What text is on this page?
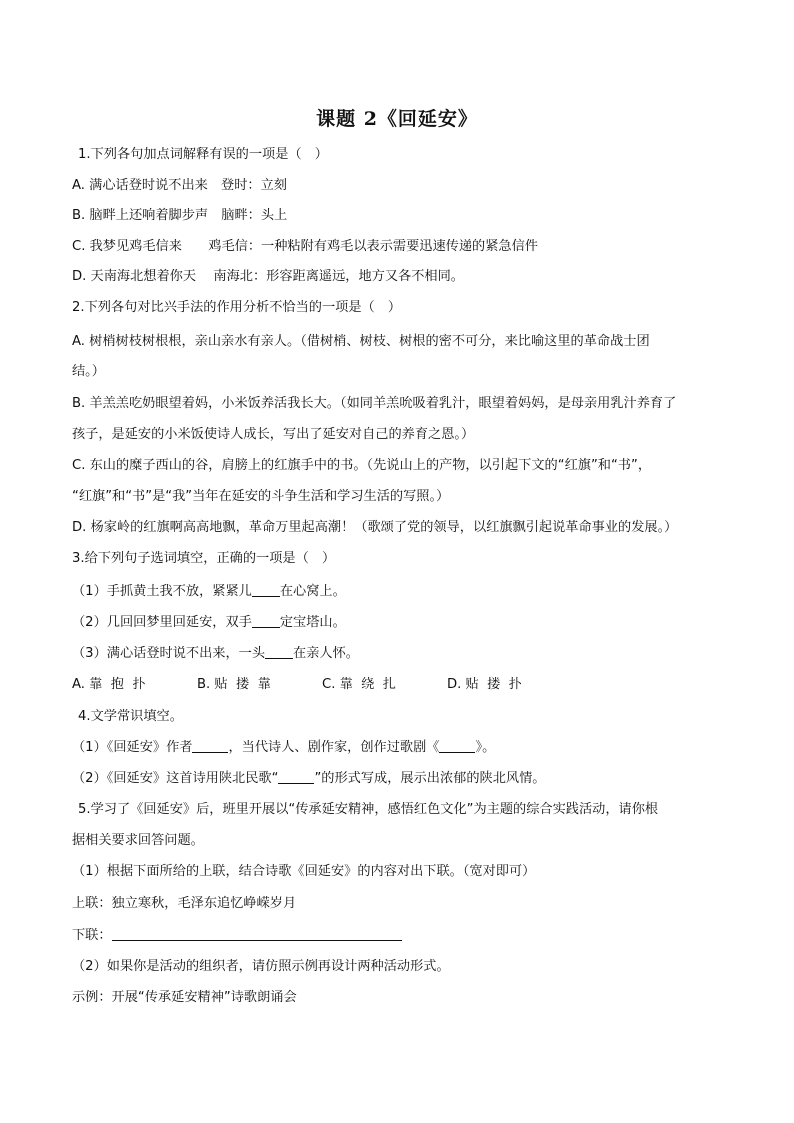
课题 2《回延安》
1.下列各句加点词解释有误的一项是（　）
A. 满心话登时说不出来　登时：立刻
B. 脑畔上还响着脚步声　脑畔：头上
C. 我梦见鸡毛信来　　鸡毛信：一种粘附有鸡毛以表示需要迅速传递的紧急信件
D. 天南海北想着你天　 南海北：形容距离遥远，地方又各不相同。
2.下列各句对比兴手法的作用分析不恰当的一项是（　）
A. 树梢树枝树根根，亲山亲水有亲人。（借树梢、树枝、树根的密不可分，来比喻这里的革命战士团
结。）
B. 羊羔羔吃奶眼望着妈，小米饭养活我长大。（如同羊羔吮吸着乳汁，眼望着妈妈，是母亲用乳汁养育了
孩子，是延安的小米饭使诗人成长，写出了延安对自己的养育之恩。）
C. 东山的糜子西山的谷，肩膀上的红旗手中的书。（先说山上的产物，以引起下文的“红旗”和“书”，
“红旗”和“书”是“我”当年在延安的斗争生活和学习生活的写照。）
D. 杨家岭的红旗啊高高地飘，革命万里起高潮！（歌颂了党的领导，以红旗飘引起说革命事业的发展。）
3.给下列句子选词填空，正确的一项是（　）
（1）手抓黄土我不放，紧紧儿 在心窝上。
（2）几回回梦里回延安，双手 定宝塔山。
（3）满心话登时说不出来，一头 在亲人怀。
A. 靠  抱  扑	B. 贴  搂  靠	C. 靠  绕  扎	D. 贴  搂  扑
4.文学常识填空。
（1）《回延安》作者	，当代诗人、剧作家，创作过歌剧《	》。
（2）《回延安》这首诗用陕北民歌“	”的形式写成，展示出浓郁的陕北风情。
5.学习了《回延安》后，班里开展以“传承延安精神，感悟红色文化”为主题的综合实践活动，请你根
据相关要求回答问题。
（1）根据下面所给的上联，结合诗歌《回延安》的内容对出下联。（宽对即可）
上联：独立寒秋，毛泽东追忆峥嵘岁月
下联：
（2）如果你是活动的组织者，请仿照示例再设计两种活动形式。
示例：开展“传承延安精神”诗歌朗诵会
